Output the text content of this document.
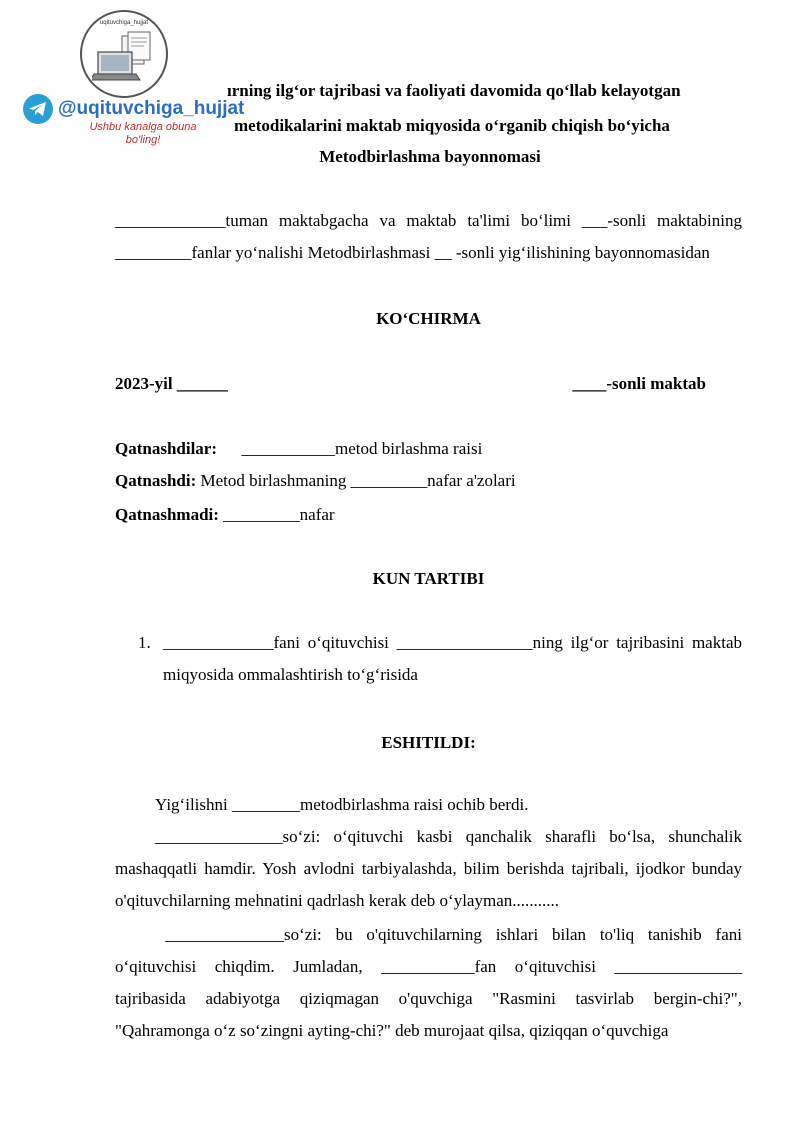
uqituvchiga_hujjat
@uqituvchiga_hujjat
Ushbu kanalga obuna
bo'ling!
ırning ilg‘or tajribasi va faoliyati davomida qo‘llab kelayotgan
metodikalarini maktab miqyosida o‘rganib chiqish bo‘yicha
Metodbirlashma bayonnomasi
_____________tuman maktabgacha va maktab ta'limi bo‘limi ___-sonli maktabining _________fanlar yo‘nalishi Metodbirlashmasi __ -sonli yig‘ilishining bayonnomasidan
KO‘CHIRMA
2023-yil ______	____-sonli maktab
Qatnashdilar: ___________metod birlashma raisi
Qatnashdi: Metod birlashmaning _________nafar a'zolari
Qatnashmadi: _________nafar
KUN TARTIBI
1. _____________fani o‘qituvchisi ________________ning ilg‘or tajribasini maktab miqyosida ommalashtirish to‘g‘risida
ESHITILDI:
Yig‘ilishni ________metodbirlashma raisi ochib berdi.
_______________so‘zi: o‘qituvchi kasbi qanchalik sharafli bo‘lsa, shunchalik mashaqqatli hamdir. Yosh avlodni tarbiyalashda, bilim berishda tajribali, ijodkor bunday o'qituvchilarning mehnatini qadrlash kerak deb o‘ylayman...........
______________so‘zi: bu o'qituvchilarning ishlari bilan to'liq tanishib fani o‘qituvchisi chiqdim. Jumladan, ___________fan o‘qituvchisi _______________ tajribasida adabiyotga qiziqmagan o'quvchiga "Rasmini tasvirlab bergin-chi?", "Qahramonga o‘z so‘zingni ayting-chi?" deb murojaat qilsa, qiziqqan o‘quvchiga
